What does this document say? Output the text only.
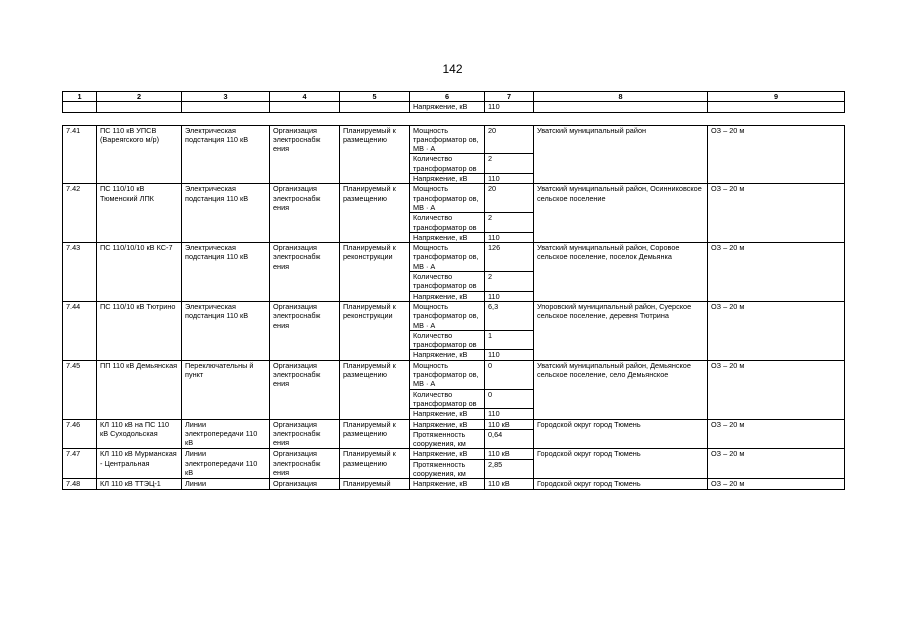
142
1	2	3	4	5	6	7	8	9
					Напряжение, кВ	110		

7.41	ПС 110 кВ УПСВ (Вареягского м/р)	Электрическая подстанция 110 кВ	Организация электроснабж ения	Планируемый к размещению	Мощность трансформатор ов, МВ · А	20	Уватский муниципальный район	ОЗ – 20 м
					Количество трансформатор ов	2		
					Напряжение, кВ	110		
7.42	ПС 110/10 кВ Тюменский ЛПК	Электрическая подстанция 110 кВ	Организация электроснабж ения	Планируемый к размещению	Мощность трансформатор ов, МВ · А	20	Уватский муниципальный район, Осинниковское сельское поселение	ОЗ – 20 м
					Количество трансформатор ов	2		
					Напряжение, кВ	110		
7.43	ПС 110/10/10 кВ КС-7	Электрическая подстанция 110 кВ	Организация электроснабж ения	Планируемый к реконструкции	Мощность трансформатор ов, МВ · А	126	Уватский муниципальный район, Соровое сельское поселение, поселок Демьянка	ОЗ – 20 м
					Количество трансформатор ов	2		
					Напряжение, кВ	110		
7.44	ПС 110/10 кВ Тютрино	Электрическая подстанция 110 кВ	Организация электроснабж ения	Планируемый к реконструкции	Мощность трансформатор ов, МВ · А	6,3	Упоровский муниципальный район, Суерское сельское поселение, деревня Тютрина	ОЗ – 20 м
					Количество трансформатор ов	1		
					Напряжение, кВ	110		
7.45	ПП 110 кВ Демьянская	Переключательны й пункт	Организация электроснабж ения	Планируемый к размещению	Мощность трансформатор ов, МВ · А	0	Уватский муниципальный район, Демьянское сельское поселение, село Демьянское	ОЗ – 20 м
					Количество трансформатор ов	0		
					Напряжение, кВ	110		
7.46	КЛ 110 кВ на ПС 110 кВ Суходольская	Линии электропередачи 110 кВ	Организация электроснабж ения	Планируемый к размещению	Напряжение, кВ	110 кВ	Городской округ город Тюмень	ОЗ – 20 м
					Протяженность сооружения, км	0,64		
7.47	КЛ 110 кВ Мурманская - Центральная	Линии электропередачи 110 кВ	Организация электроснабж ения	Планируемый к размещению	Напряжение, кВ	110 кВ	Городской округ город Тюмень	ОЗ – 20 м
					Протяженность сооружения, км	2,85		
7.48	КЛ 110 кВ ТТЭЦ-1	Линии	Организация	Планируемый	Напряжение, кВ	110 кВ	Городской округ город Тюмень	ОЗ – 20 м
